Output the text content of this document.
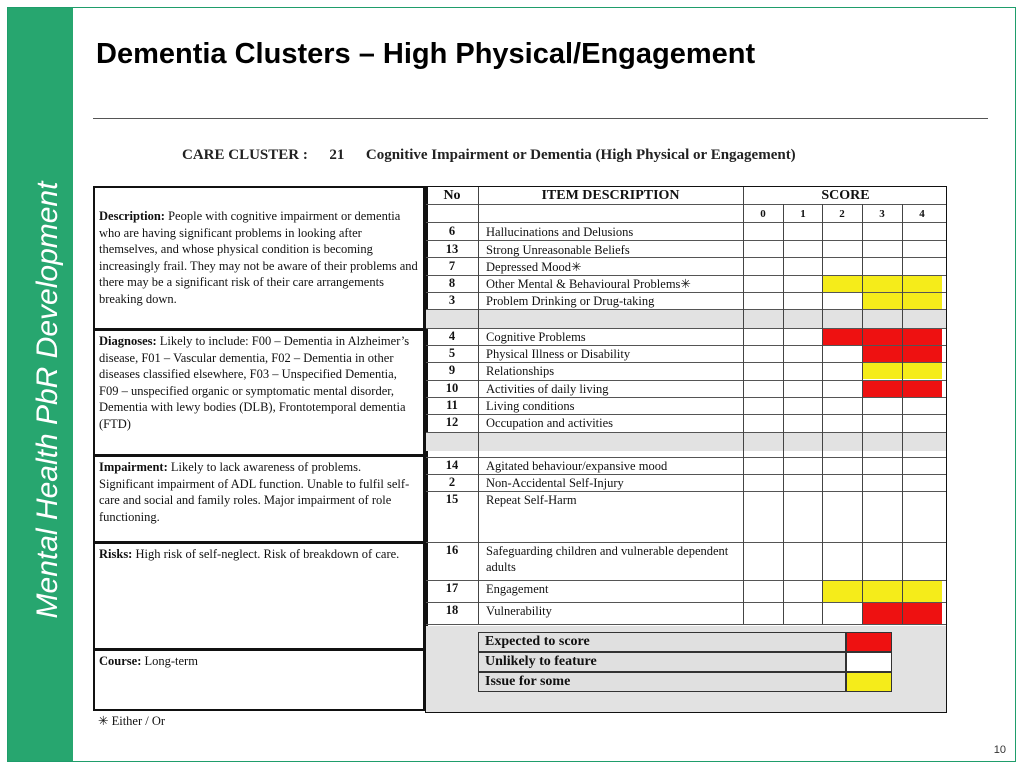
Mental Health PbR Development
Dementia Clusters – High Physical/Engagement
CARE CLUSTER : 21 Cognitive Impairment or Dementia (High Physical or Engagement)
Description: People with cognitive impairment or dementia who are having significant problems in looking after themselves, and whose physical condition is becoming increasingly frail. They may not be aware of their problems and there may be a significant risk of their care arrangements breaking down.
Diagnoses: Likely to include: F00 – Dementia in Alzheimer’s disease, F01 – Vascular dementia, F02 – Dementia in other diseases classified elsewhere, F03 – Unspecified Dementia, F09 – unspecified organic or symptomatic mental disorder, Dementia with lewy bodies (DLB), Frontotemporal dementia (FTD)
Impairment: Likely to lack awareness of problems. Significant impairment of ADL function. Unable to fulfil self-care and social and family roles. Major impairment of role functioning.
Risks: High risk of self-neglect. Risk of breakdown of care.
Course: Long-term
✳ Either / Or
No	ITEM DESCRIPTION	SCORE
0	1	2	3	4
6	Hallucinations and Delusions
13	Strong Unreasonable Beliefs
7	Depressed Mood✳
8	Other Mental & Behavioural Problems✳
3	Problem Drinking or Drug-taking
4	Cognitive Problems
5	Physical Illness or Disability
9	Relationships
10	Activities of daily living
11	Living conditions
12	Occupation and activities
14	Agitated behaviour/expansive mood
2	Non-Accidental Self-Injury
15	Repeat Self-Harm
16	Safeguarding children and vulnerable dependent adults
17	Engagement
18	Vulnerability
Expected to score
Unlikely to feature
Issue for some
10
